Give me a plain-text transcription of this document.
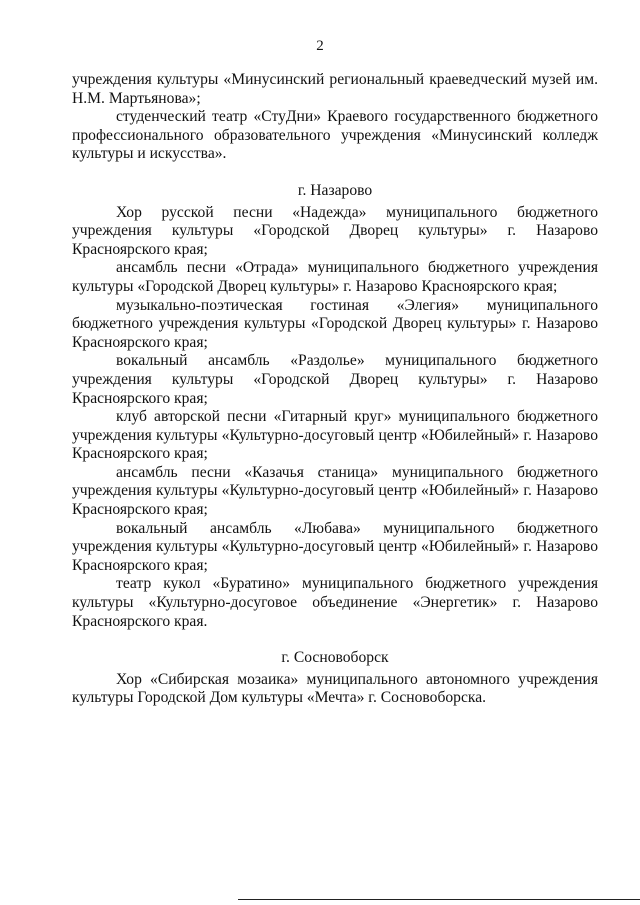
2

учреждения культуры «Минусинский региональный краеведческий музей им. Н.М. Мартьянова»;

студенческий театр «СтуДни» Краевого государственного бюджетного профессионального образовательного учреждения «Минусинский колледж культуры и искусства».

г. Назарово

Хор русской песни «Надежда» муниципального бюджетного учреждения культуры «Городской Дворец культуры» г. Назарово Красноярского края;

ансамбль песни «Отрада» муниципального бюджетного учреждения культуры «Городской Дворец культуры» г. Назарово Красноярского края;

музыкально-поэтическая гостиная «Элегия» муниципального бюджетного учреждения культуры «Городской Дворец культуры» г. Назарово Красноярского края;

вокальный ансамбль «Раздолье» муниципального бюджетного учреждения культуры «Городской Дворец культуры» г. Назарово Красноярского края;

клуб авторской песни «Гитарный круг» муниципального бюджетного учреждения культуры «Культурно-досуговый центр «Юбилейный» г. Назарово Красноярского края;

ансамбль песни «Казачья станица» муниципального бюджетного учреждения культуры «Культурно-досуговый центр «Юбилейный» г. Назарово Красноярского края;

вокальный ансамбль «Любава» муниципального бюджетного учреждения культуры «Культурно-досуговый центр «Юбилейный» г. Назарово Красноярского края;

театр кукол «Буратино» муниципального бюджетного учреждения культуры «Культурно-досуговое объединение «Энергетик» г. Назарово Красноярского края.

г. Сосновоборск

Хор «Сибирская мозаика» муниципального автономного учреждения культуры Городской Дом культуры «Мечта» г. Сосновоборска.
